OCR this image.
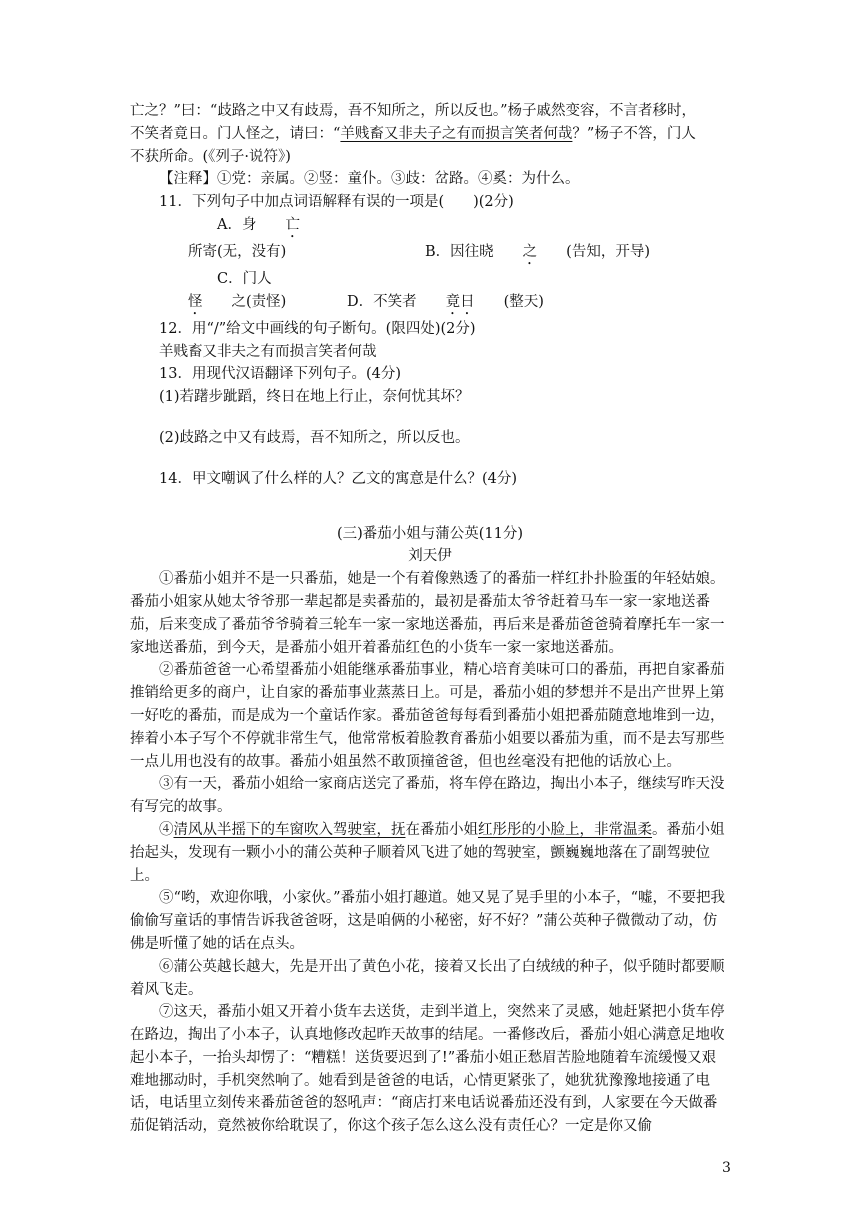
亡之？”曰：“歧路之中又有歧焉，吾不知所之，所以反也。”杨子戚然变容，不言者移时，

不笑者竟日。门人怪之，请曰：“羊贱畜又非夫子之有而损言笑者何哉？”杨子不答，门人

不获所命。(《列子·说符》)

【注释】①党：亲属。②竖：童仆。③歧：岔路。④奚：为什么。

11．下列句子中加点词语解释有误的一项是(　　)(2分)

A．身 亡所寄(无，没有)	B．因往晓 之 (告知，开导)

C．门人怪 之(责怪)	D．不笑者 竟日 (整天)

12．用“/”给文中画线的句子断句。(限四处)(2分)

羊贱畜又非夫之有而损言笑者何哉

13．用现代汉语翻译下列句子。(4分)

(1)若躇步跐蹈，终日在地上行止，奈何忧其坏？

(2)歧路之中又有歧焉，吾不知所之，所以反也。

14．甲文嘲讽了什么样的人？乙文的寓意是什么？(4分)

(三)番茄小姐与蒲公英(11分)

刘天伊

①番茄小姐并不是一只番茄，她是一个有着像熟透了的番茄一样红扑扑脸蛋的年轻姑娘。番茄小姐家从她太爷爷那一辈起都是卖番茄的，最初是番茄太爷爷赶着马车一家一家地送番茄，后来变成了番茄爷爷骑着三轮车一家一家地送番茄，再后来是番茄爸爸骑着摩托车一家一家地送番茄，到今天，是番茄小姐开着番茄红色的小货车一家一家地送番茄。

②番茄爸爸一心希望番茄小姐能继承番茄事业，精心培育美味可口的番茄，再把自家番茄推销给更多的商户，让自家的番茄事业蒸蒸日上。可是，番茄小姐的梦想并不是出产世界上第一好吃的番茄，而是成为一个童话作家。番茄爸爸每每看到番茄小姐把番茄随意地堆到一边，捧着小本子写个不停就非常生气，他常常板着脸教育番茄小姐要以番茄为重，而不是去写那些一点儿用也没有的故事。番茄小姐虽然不敢顶撞爸爸，但也丝毫没有把他的话放心上。

③有一天，番茄小姐给一家商店送完了番茄，将车停在路边，掏出小本子，继续写昨天没有写完的故事。

④清风从半摇下的车窗吹入驾驶室，抚在番茄小姐红彤彤的小脸上，非常温柔。番茄小姐抬起头，发现有一颗小小的蒲公英种子顺着风飞进了她的驾驶室，颤巍巍地落在了副驾驶位上。

⑤“哟，欢迎你哦，小家伙。”番茄小姐打趣道。她又晃了晃手里的小本子，“嘘，不要把我偷偷写童话的事情告诉我爸爸呀，这是咱俩的小秘密，好不好？”蒲公英种子微微动了动，仿佛是听懂了她的话在点头。

⑥蒲公英越长越大，先是开出了黄色小花，接着又长出了白绒绒的种子，似乎随时都要顺着风飞走。

⑦这天，番茄小姐又开着小货车去送货，走到半道上，突然来了灵感，她赶紧把小货车停在路边，掏出了小本子，认真地修改起昨天故事的结尾。一番修改后，番茄小姐心满意足地收起小本子，一抬头却愣了：“糟糕！送货要迟到了!”番茄小姐正愁眉苦脸地随着车流缓慢又艰难地挪动时，手机突然响了。她看到是爸爸的电话，心情更紧张了，她犹犹豫豫地接通了电话，电话里立刻传来番茄爸爸的怒吼声：“商店打来电话说番茄还没有到，人家要在今天做番茄促销活动，竟然被你给耽误了，你这个孩子怎么这么没有责任心？一定是你又偷

3
